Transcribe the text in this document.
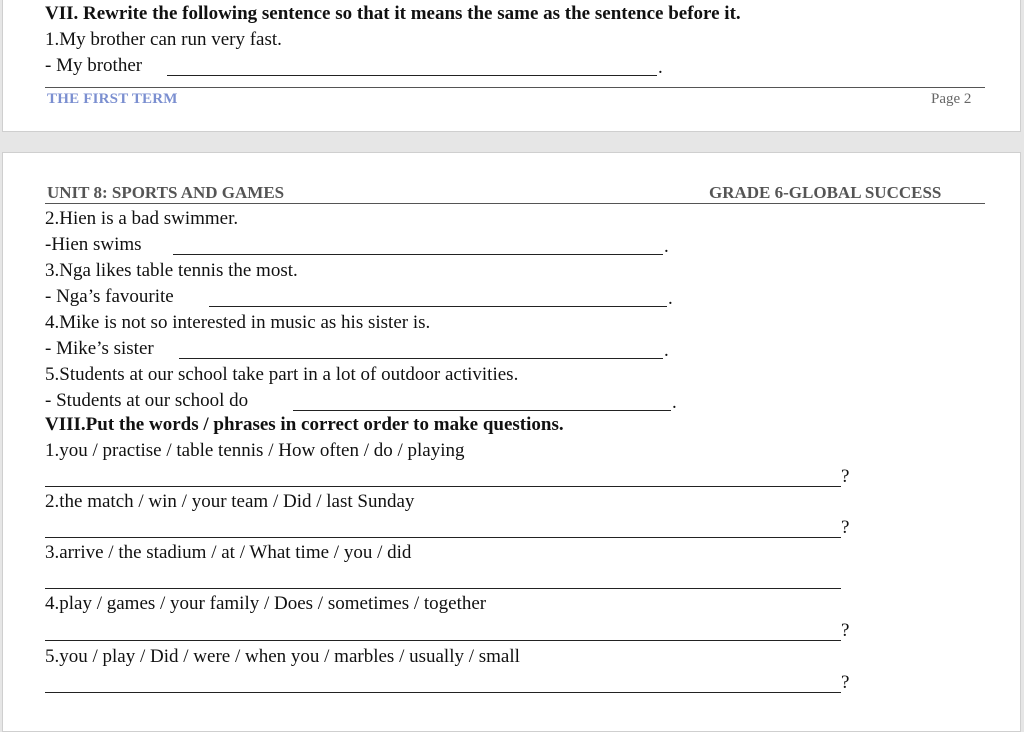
VII. Rewrite the following sentence so that it means the same as the sentence before it.
1.My brother can run very fast.
- My brother	.
THE FIRST TERM	Page 2
UNIT 8: SPORTS AND GAMES	GRADE 6-GLOBAL SUCCESS
2.Hien is a bad swimmer.
-Hien swims	.
3.Nga likes table tennis the most.
- Nga’s favourite	.
4.Mike is not so interested in music as his sister is.
- Mike’s sister	.
5.Students at our school take part in a lot of outdoor activities.
- Students at our school do	.
VIII.Put the words / phrases in correct order to make questions.
1.you / practise / table tennis / How often / do / playing
?
2.the match / win / your team / Did / last Sunday
?
3.arrive / the stadium / at / What time / you / did
4.play / games / your family / Does / sometimes / together
?
5.you / play / Did / were / when you / marbles / usually / small
?
